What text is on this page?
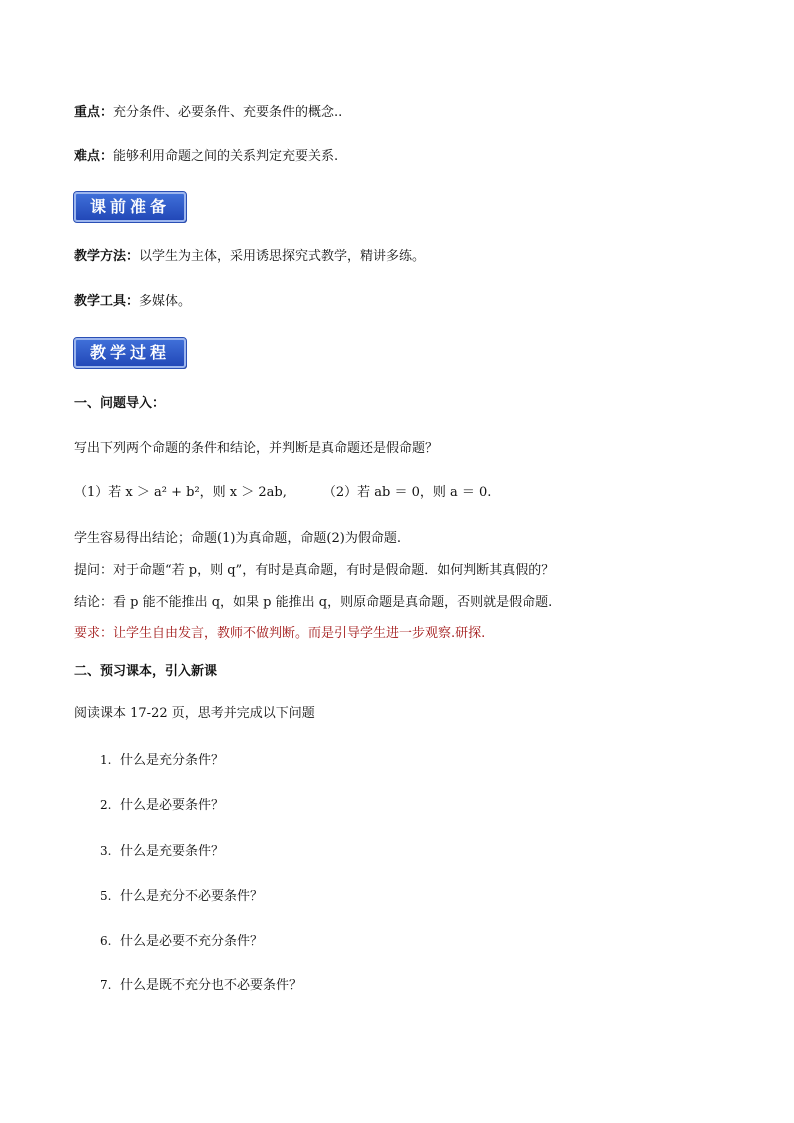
重点：充分条件、必要条件、充要条件的概念..
难点：能够利用命题之间的关系判定充要关系.
课前准备
教学方法：以学生为主体，采用诱思探究式教学，精讲多练。
教学工具：多媒体。
教学过程
一、问题导入：
写出下列两个命题的条件和结论，并判断是真命题还是假命题？
（1）若 x ＞ a² + b²，则 x ＞ 2ab,	（2）若 ab ＝ 0，则 a ＝ 0.
学生容易得出结论；命题(1)为真命题，命题(2)为假命题.
提问：对于命题“若 p，则 q”，有时是真命题，有时是假命题．如何判断其真假的？
结论：看 p 能不能推出 q，如果 p 能推出 q，则原命题是真命题，否则就是假命题.
要求：让学生自由发言，教师不做判断。而是引导学生进一步观察.研探.
二、预习课本，引入新课
阅读课本 17-22 页，思考并完成以下问题
1. 什么是充分条件？
2. 什么是必要条件？
3. 什么是充要条件？
5. 什么是充分不必要条件？
6. 什么是必要不充分条件？
7. 什么是既不充分也不必要条件？
